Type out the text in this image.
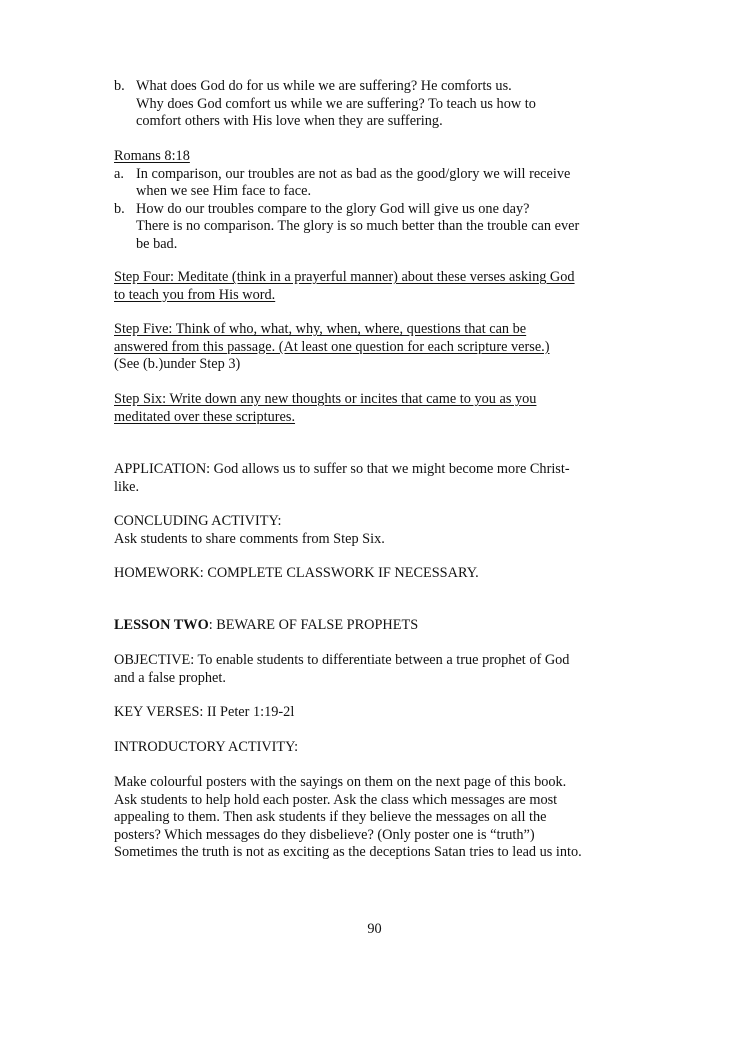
b. What does God do for us while we are suffering? He comforts us.
Why does God comfort us while we are suffering? To teach us how to
comfort others with His love when they are suffering.
Romans 8:18
a. In comparison, our troubles are not as bad as the good/glory we will receive
when we see Him face to face.
b. How do our troubles compare to the glory God will give us one day?
There is no comparison. The glory is so much better than the trouble can ever
be bad.
Step Four: Meditate (think in a prayerful manner) about these verses asking God
to teach you from His word.
Step Five: Think of who, what, why, when, where, questions that can be
answered from this passage. (At least one question for each scripture verse.)
(See (b.)under Step 3)
Step Six: Write down any new thoughts or incites that came to you as you
meditated over these scriptures.
APPLICATION: God allows us to suffer so that we might become more Christ-
like.
CONCLUDING ACTIVITY:
Ask students to share comments from Step Six.
HOMEWORK: COMPLETE CLASSWORK IF NECESSARY.
LESSON TWO: BEWARE OF FALSE PROPHETS
OBJECTIVE: To enable students to differentiate between a true prophet of God
and a false prophet.
KEY VERSES: II Peter 1:19-2l
INTRODUCTORY ACTIVITY:
Make colourful posters with the sayings on them on the next page of this book.
Ask students to help hold each poster. Ask the class which messages are most
appealing to them. Then ask students if they believe the messages on all the
posters? Which messages do they disbelieve? (Only poster one is “truth”)
Sometimes the truth is not as exciting as the deceptions Satan tries to lead us into.
90
